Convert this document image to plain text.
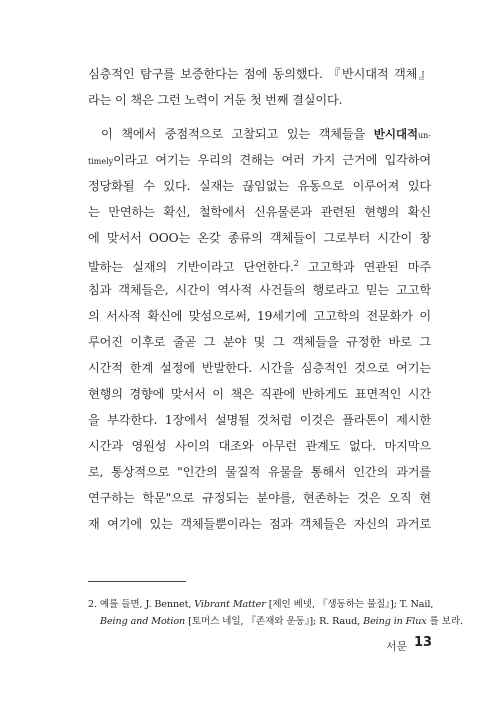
심층적인 탐구를 보증한다는 점에 동의했다. 『반시대적 객체』
라는 이 책은 그런 노력이 거둔 첫 번째 결실이다.
이 책에서 중점적으로 고찰되고 있는 객체들을 반시대적un-
timely이라고 여기는 우리의 견해는 여러 가지 근거에 입각하여
정당화될 수 있다. 실재는 끊임없는 유동으로 이루어져 있다
는 만연하는 확신, 철학에서 신유물론과 관련된 현행의 확신
에 맞서서 OOO는 온갖 종류의 객체들이 그로부터 시간이 창
발하는 실재의 기반이라고 단언한다.$^2$ 고고학과 연관된 마주
침과 객체들은, 시간이 역사적 사건들의 행로라고 믿는 고고학
의 서사적 확신에 맞섬으로써, 19세기에 고고학의 전문화가 이
루어진 이후로 줄곧 그 분야 및 그 객체들을 규정한 바로 그
시간적 한계 설정에 반발한다. 시간을 심층적인 것으로 여기는
현행의 경향에 맞서서 이 책은 직관에 반하게도 표면적인 시간
을 부각한다. 1장에서 설명될 것처럼 이것은 플라톤이 제시한
시간과 영원성 사이의 대조와 아무런 관계도 없다. 마지막으
로, 통상적으로 "인간의 물질적 유물을 통해서 인간의 과거를
연구하는 학문"으로 규정되는 분야를, 현존하는 것은 오직 현
재 여기에 있는 객체들뿐이라는 점과 객체들은 자신의 과거로
2. 예를 들면, J. Bennet, Vibrant Matter [제인 베넷, 『생동하는 물질』]; T. Nail,
Being and Motion [토머스 네일, 『존재와 운동』]; R. Raud, Being in Flux 를 보라.
서문 13
